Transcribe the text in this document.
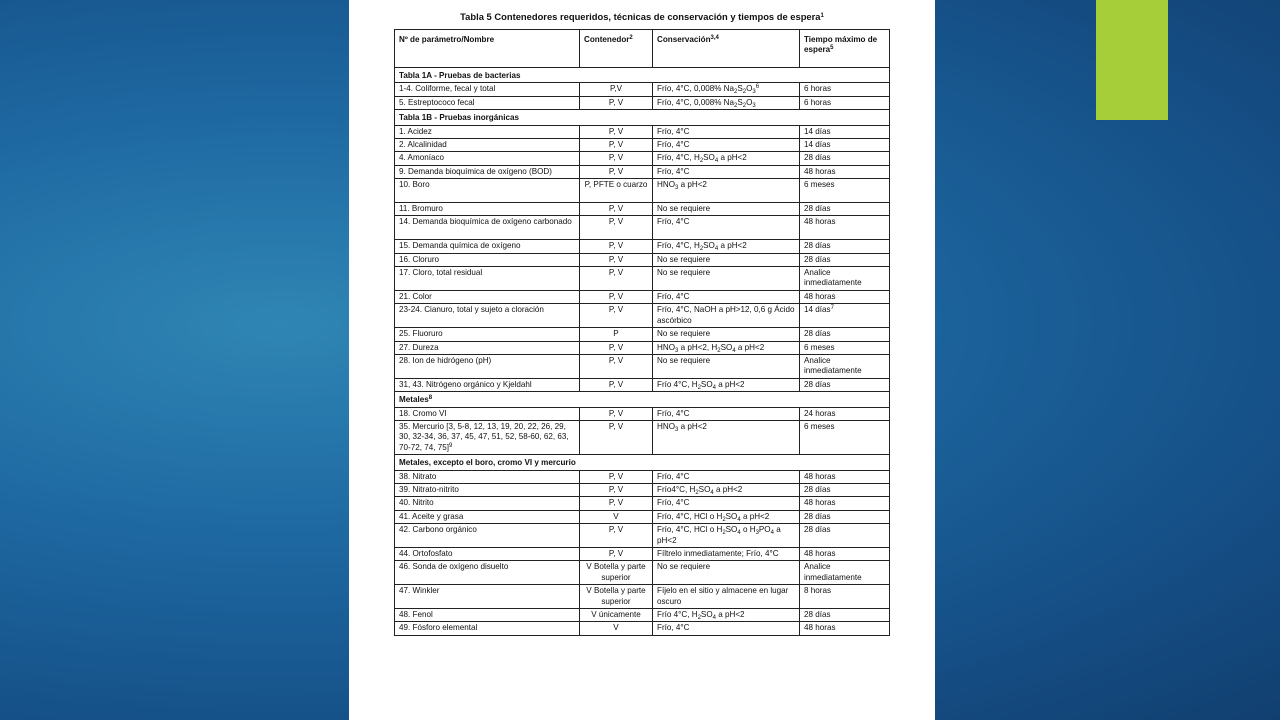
Tabla 5 Contenedores requeridos, técnicas de conservación y tiempos de espera$^1$
Nº de parámetro/Nombre	Contenedor$^2$	Conservación$^{3,4}$	Tiempo máximo de espera$^5$
Tabla 1A - Pruebas de bacterias			
1-4. Coliforme, fecal y total	P,V	Frío, 4°C, 0,008% $Na_2S_2O_3^6$	6 horas
5. Estreptococo fecal	P, V	Frío, 4°C, 0,008% $Na_2S_2O_3$	6 horas
Tabla 1B - Pruebas inorgánicas			
1. Acidez	P, V	Frío, 4°C	14 días
2. Alcalinidad	P, V	Frío, 4°C	14 días
4. Amoníaco	P, V	Frío, 4°C, $H_2SO_4$ a pH<2	28 días
9. Demanda bioquímica de oxígeno (BOD)	P, V	Frío, 4°C	48 horas
10. Boro	P, PFTE o cuarzo	$HNO_3$ a pH<2	6 meses
11. Bromuro	P, V	No se requiere	28 días
14. Demanda bioquímica de oxígeno carbonado	P, V	Frío, 4°C	48 horas
15. Demanda química de oxígeno	P, V	Frío, 4°C, $H_2SO_4$ a pH<2	28 días
16. Cloruro	P, V	No se requiere	28 días
17. Cloro, total residual	P, V	No se requiere	Analice inmediatamente
21. Color	P, V	Frío, 4°C	48 horas
23-24. Cianuro, total y sujeto a cloración	P, V	Frío, 4°C, NaOH a pH>12, 0,6 g Ácido ascórbico	14 días$^7$
25. Fluoruro	P	No se requiere	28 días
27. Dureza	P, V	$HNO_3$ a pH<2, $H_2SO_4$ a pH<2	6 meses
28. Ion de hidrógeno (pH)	P, V	No se requiere	Analice inmediatamente
31, 43. Nitrógeno orgánico y Kjeldahl	P, V	Frío 4°C, $H_2SO_4$ a pH<2	28 días
Metales$^8$
18. Cromo VI	P, V	Frío, 4°C	24 horas
35. Mercurio [3, 5-8, 12, 13, 19, 20, 22, 26, 29, 30, 32-34, 36, 37, 45, 47, 51, 52, 58-60, 62, 63, 70-72, 74, 75]$^9$	P, V	$HNO_3$ a pH<2	6 meses
Metales, excepto el boro, cromo VI y mercurio			
38. Nitrato	P, V	Frío, 4°C	48 horas
39. Nitrato-nitrito	P, V	Frío4°C, $H_2SO_4$ a pH<2	28 días
40. Nitrito	P, V	Frío, 4°C	48 horas
41. Aceite y grasa	V	Frío, 4°C, HCl o $H_2SO_4$ a pH<2	28 días
42. Carbono orgánico	P, V	Frío, 4°C, HCl o $H_2SO_4$ o $H_3PO_4$ a pH<2	28 días
44. Ortofosfato	P, V	Fíltrelo inmediatamente; Frío, 4°C	48 horas
46. Sonda de oxígeno disuelto	V Botella y parte superior	No se requiere	Analice inmediatamente
47. Winkler	V Botella y parte superior	Fíjelo en el sitio y almacene en lugar oscuro	8 horas
48. Fenol	V únicamente	Frío 4°C, $H_2SO_4$ a pH<2	28 días
49. Fósforo elemental	V	Frío, 4°C	48 horas
